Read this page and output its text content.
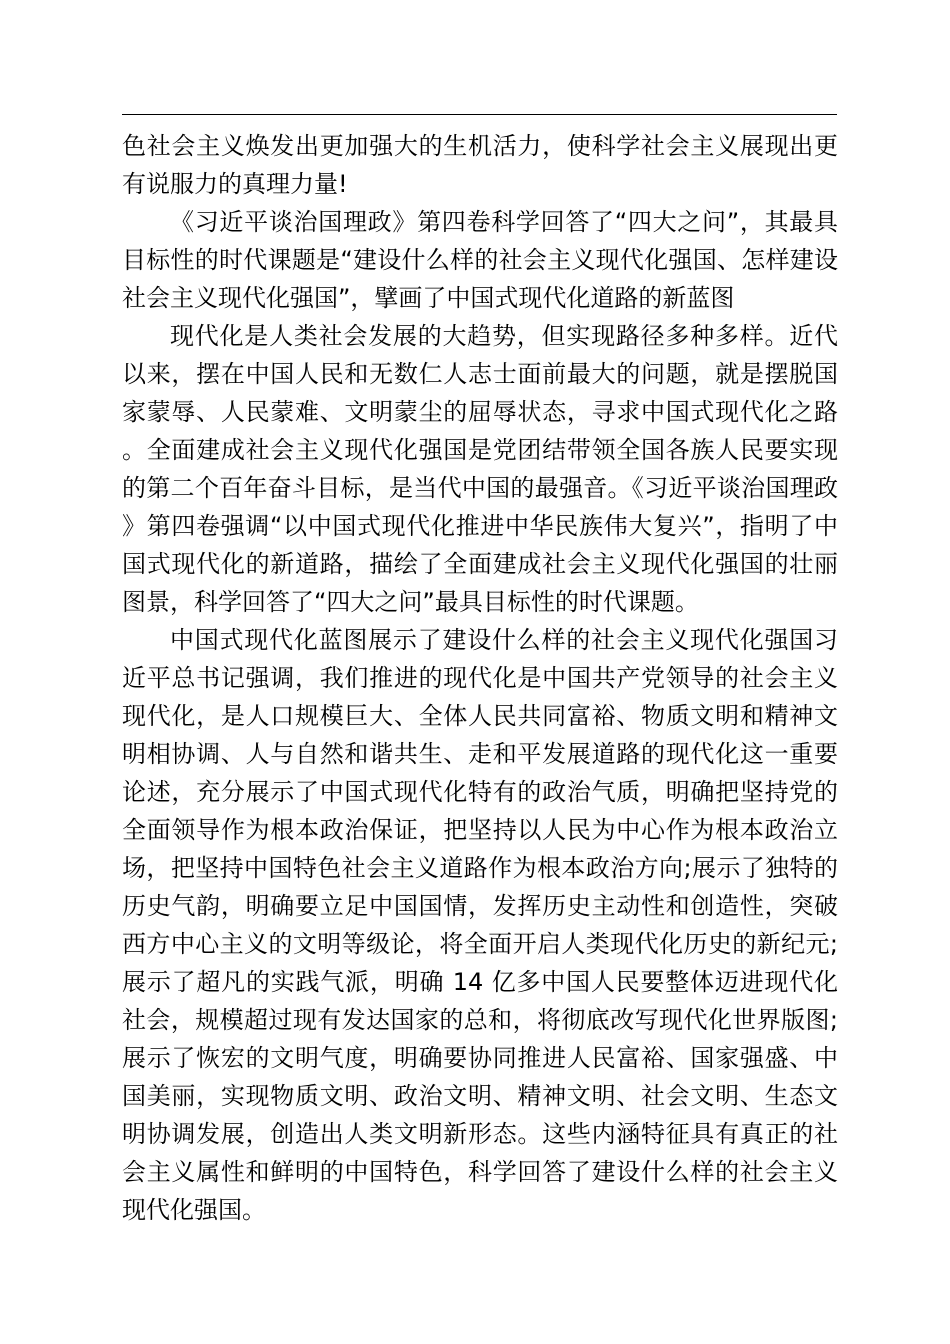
色社会主义焕发出更加强大的生机活力，使科学社会主义展现出更有说服力的真理力量!

《习近平谈治国理政》第四卷科学回答了“四大之问”，其最具目标性的时代课题是“建设什么样的社会主义现代化强国、怎样建设社会主义现代化强国”，擘画了中国式现代化道路的新蓝图

现代化是人类社会发展的大趋势，但实现路径多种多样。近代以来，摆在中国人民和无数仁人志士面前最大的问题，就是摆脱国家蒙辱、人民蒙难、文明蒙尘的屈辱状态，寻求中国式现代化之路。全面建成社会主义现代化强国是党团结带领全国各族人民要实现的第二个百年奋斗目标，是当代中国的最强音。《习近平谈治国理政》第四卷强调“以中国式现代化推进中华民族伟大复兴”，指明了中国式现代化的新道路，描绘了全面建成社会主义现代化强国的壮丽图景，科学回答了“四大之问”最具目标性的时代课题。

中国式现代化蓝图展示了建设什么样的社会主义现代化强国习近平总书记强调，我们推进的现代化是中国共产党领导的社会主义现代化，是人口规模巨大、全体人民共同富裕、物质文明和精神文明相协调、人与自然和谐共生、走和平发展道路的现代化这一重要论述，充分展示了中国式现代化特有的政治气质，明确把坚持党的全面领导作为根本政治保证，把坚持以人民为中心作为根本政治立场，把坚持中国特色社会主义道路作为根本政治方向;展示了独特的历史气韵，明确要立足中国国情，发挥历史主动性和创造性，突破西方中心主义的文明等级论，将全面开启人类现代化历史的新纪元;展示了超凡的实践气派，明确 14 亿多中国人民要整体迈进现代化社会，规模超过现有发达国家的总和，将彻底改写现代化世界版图;展示了恢宏的文明气度，明确要协同推进人民富裕、国家强盛、中国美丽，实现物质文明、政治文明、精神文明、社会文明、生态文明协调发展，创造出人类文明新形态。这些内涵特征具有真正的社会主义属性和鲜明的中国特色，科学回答了建设什么样的社会主义现代化强国。
